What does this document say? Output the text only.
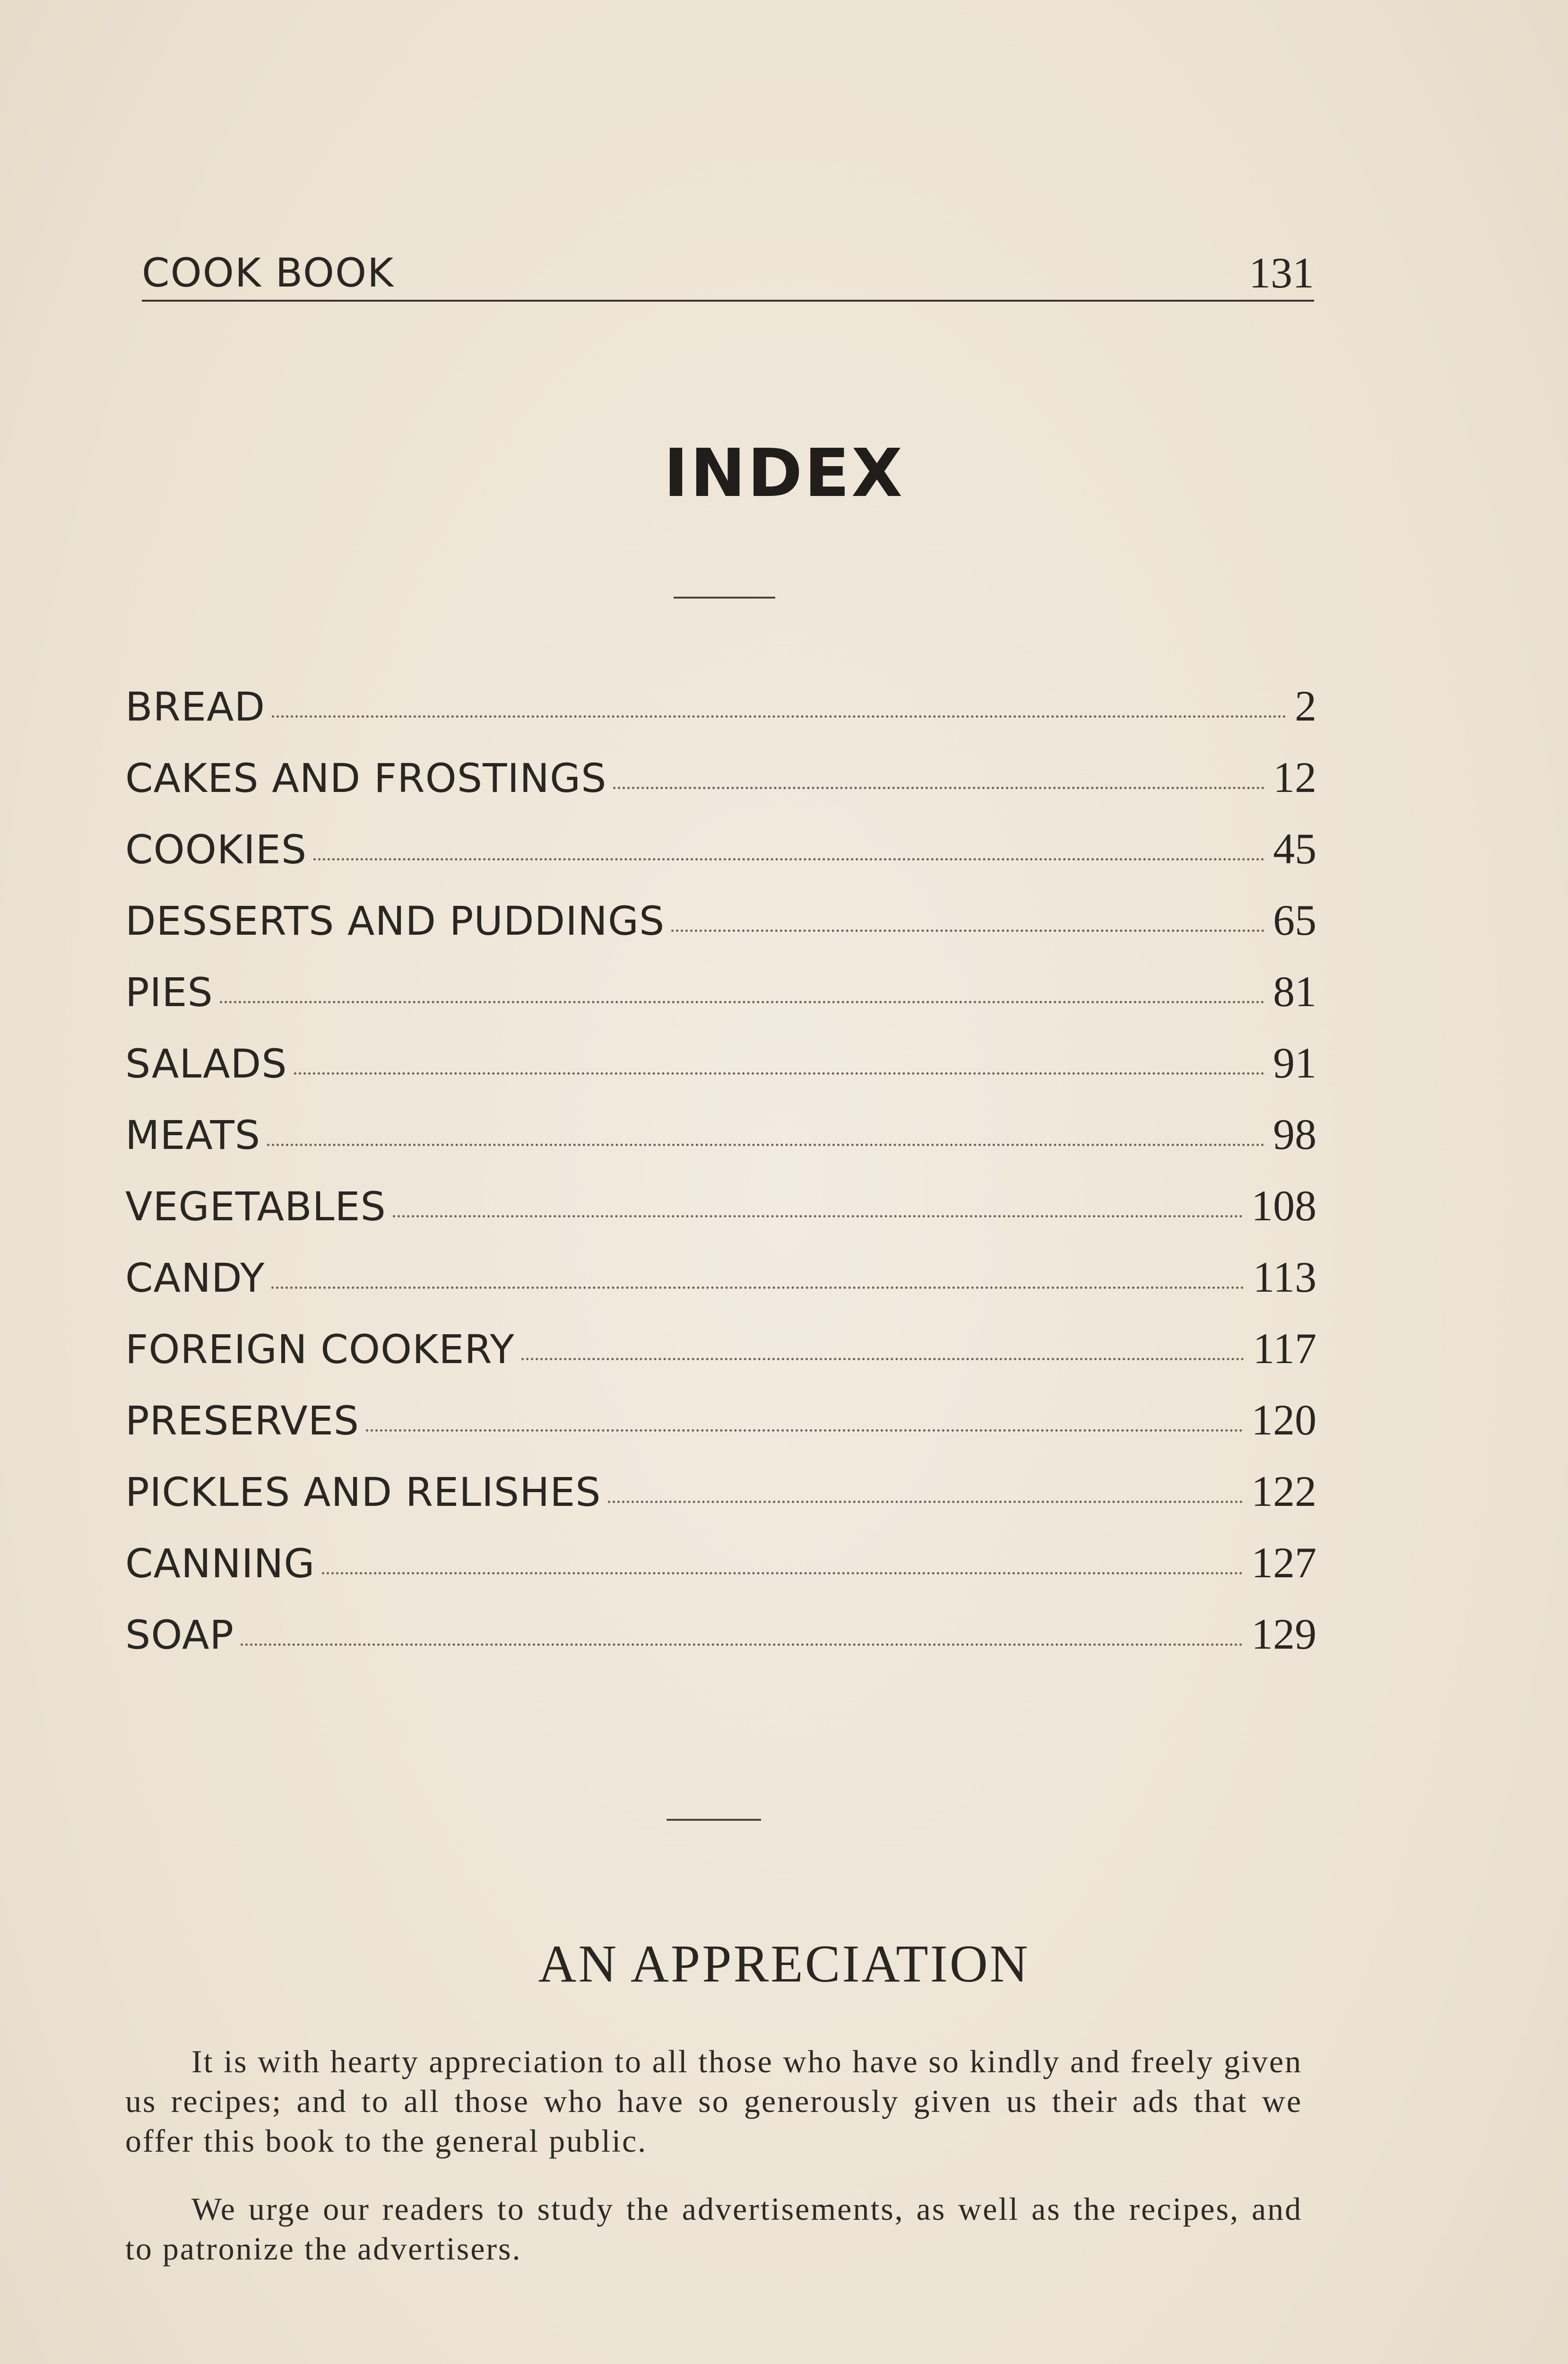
COOK BOOK	131
INDEX
BREAD	2
CAKES AND FROSTINGS	12
COOKIES	45
DESSERTS AND PUDDINGS	65
PIES	81
SALADS	91
MEATS	98
VEGETABLES	108
CANDY	113
FOREIGN COOKERY	117
PRESERVES	120
PICKLES AND RELISHES	122
CANNING	127
SOAP	129
AN APPRECIATION

It is with hearty appreciation to all those who have so kindly and freely given us recipes; and to all those who have so generously given us their ads that we offer this book to the general public.

We urge our readers to study the advertisements, as well as the recipes, and to patronize the advertisers.
